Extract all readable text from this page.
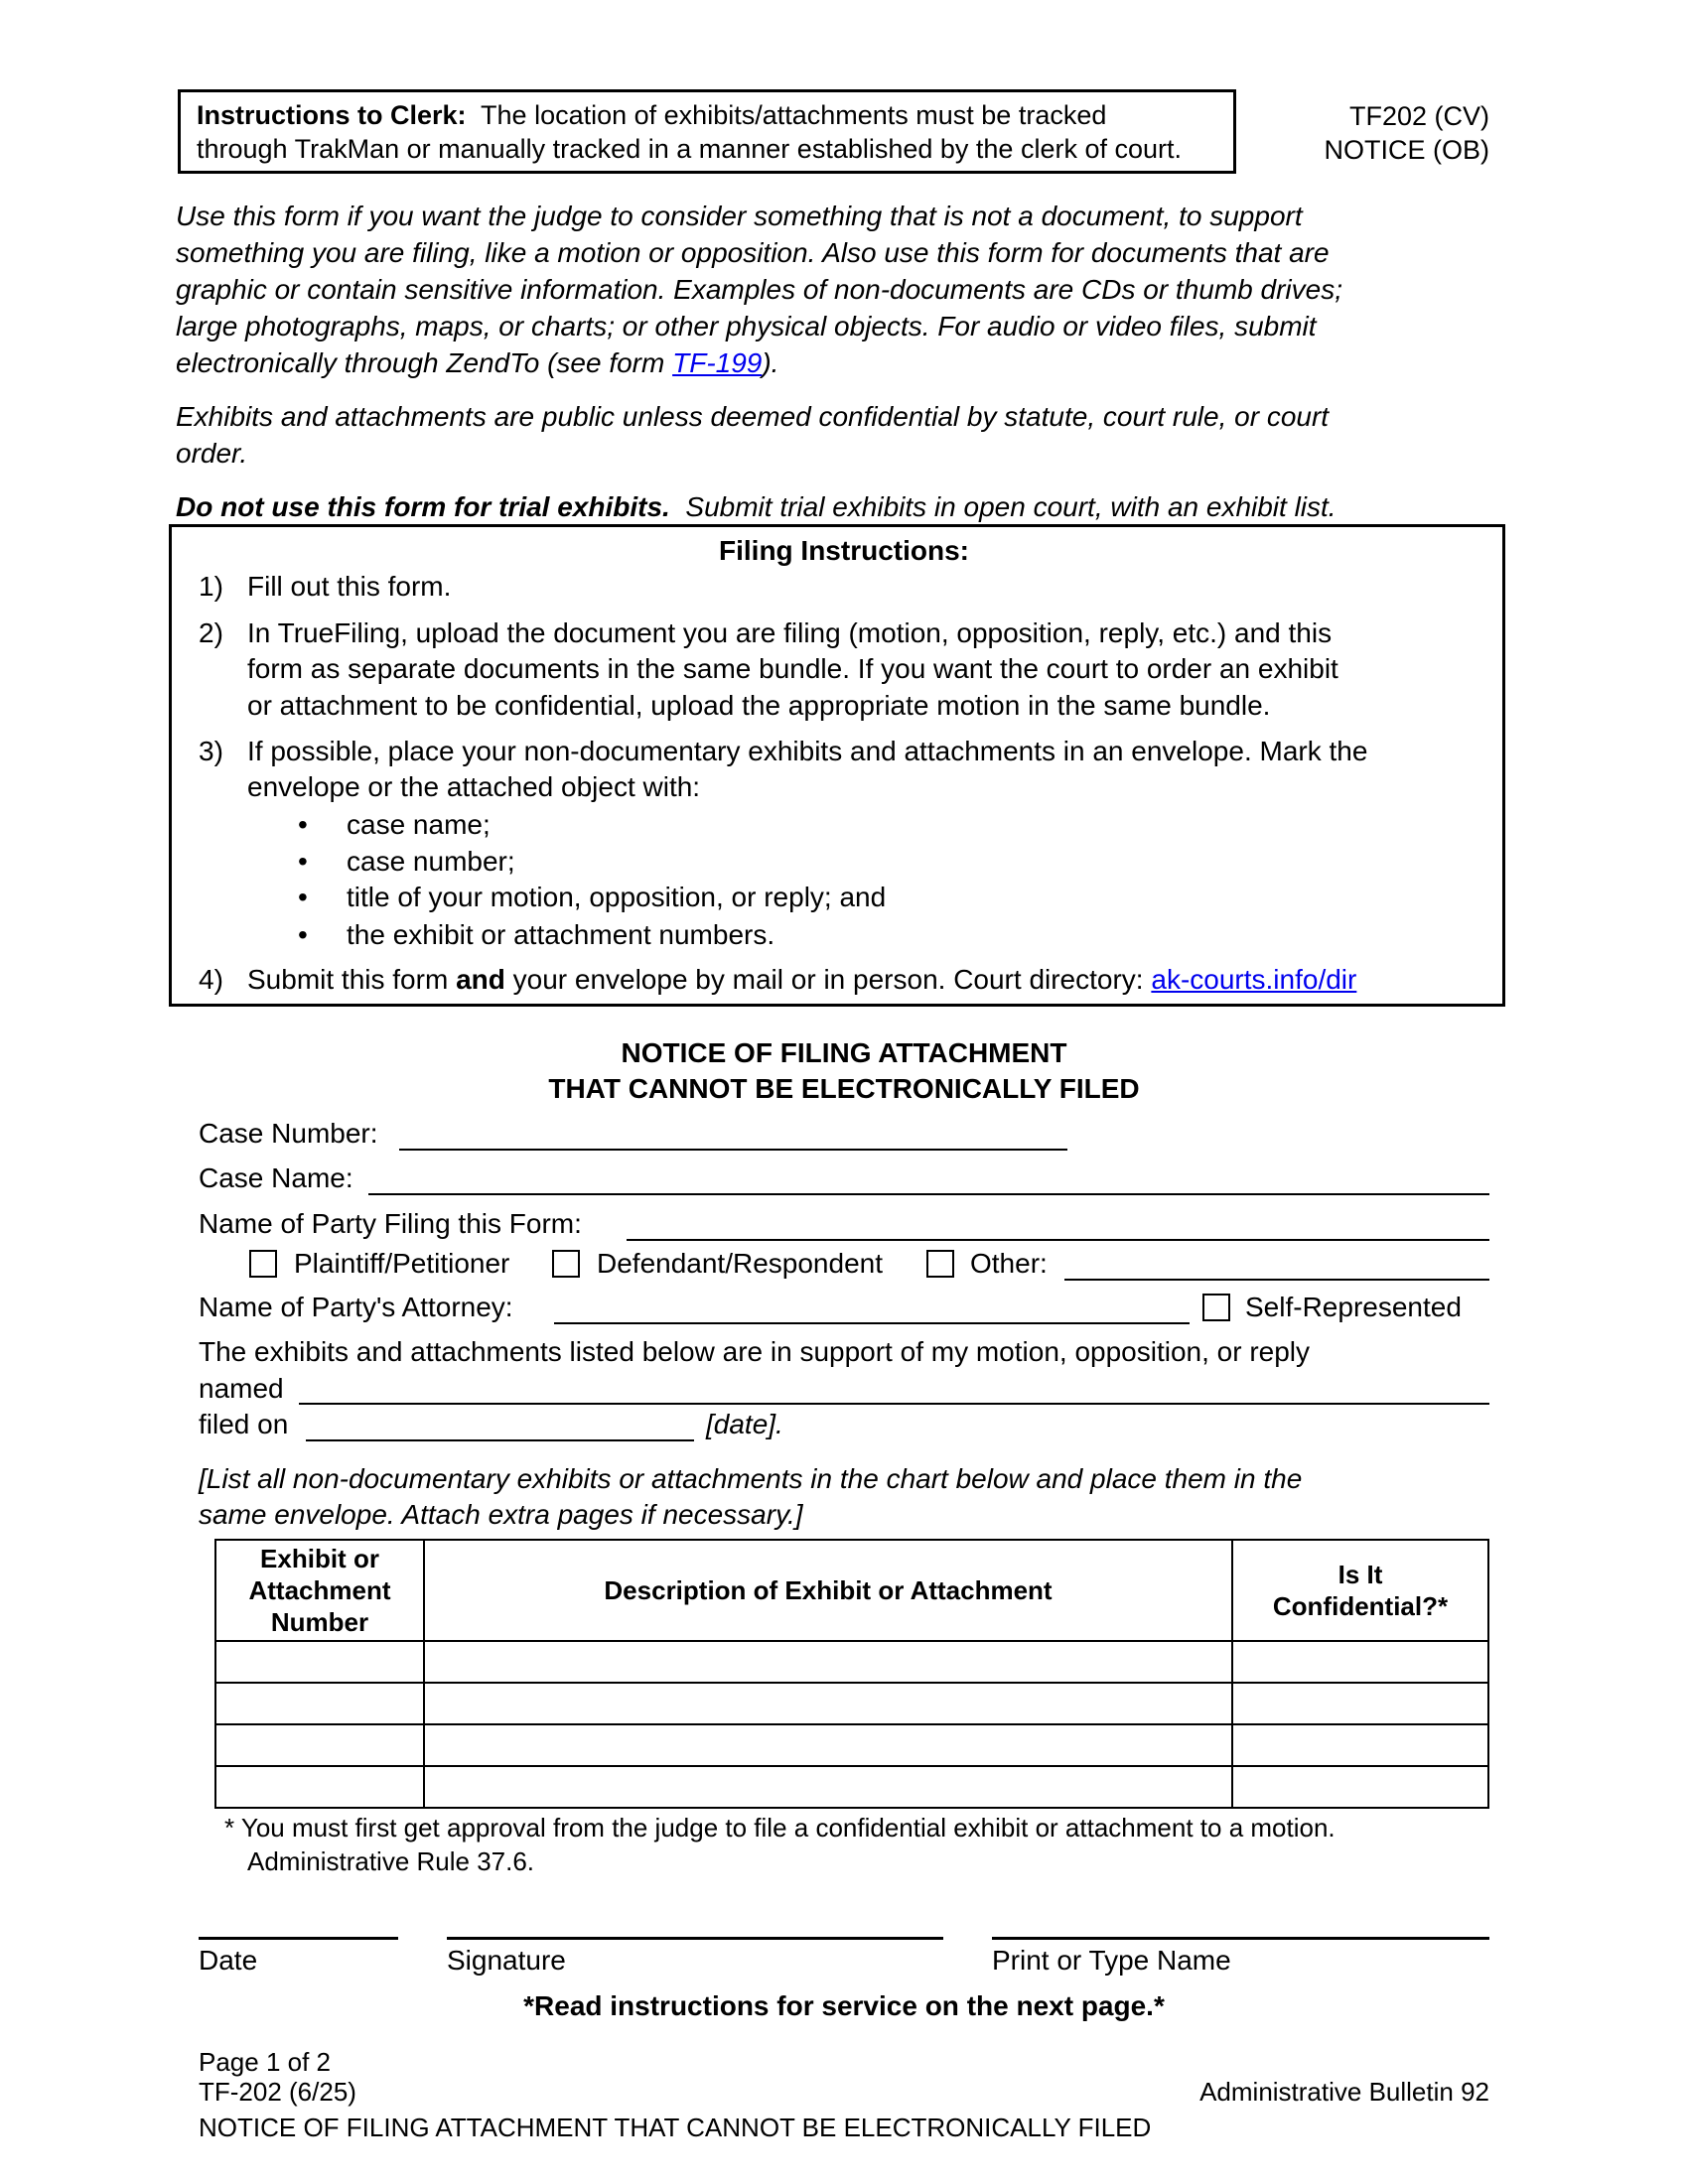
Instructions to Clerk: The location of exhibits/attachments must be tracked
through TrakMan or manually tracked in a manner established by the clerk of court.
TF202 (CV)
NOTICE (OB)
Use this form if you want the judge to consider something that is not a document, to support
something you are filing, like a motion or opposition. Also use this form for documents that are
graphic or contain sensitive information. Examples of non-documents are CDs or thumb drives;
large photographs, maps, or charts; or other physical objects. For audio or video files, submit
electronically through ZendTo (see form TF-199).
Exhibits and attachments are public unless deemed confidential by statute, court rule, or court
order.
Do not use this form for trial exhibits. Submit trial exhibits in open court, with an exhibit list.
Filing Instructions:
1) Fill out this form.
2) In TrueFiling, upload the document you are filing (motion, opposition, reply, etc.) and this
form as separate documents in the same bundle. If you want the court to order an exhibit
or attachment to be confidential, upload the appropriate motion in the same bundle.
3) If possible, place your non-documentary exhibits and attachments in an envelope. Mark the
envelope or the attached object with:
• case name;
• case number;
• title of your motion, opposition, or reply; and
• the exhibit or attachment numbers.
4) Submit this form and your envelope by mail or in person. Court directory: ak-courts.info/dir
NOTICE OF FILING ATTACHMENT
THAT CANNOT BE ELECTRONICALLY FILED
Case Number:
Case Name:
Name of Party Filing this Form:
Plaintiff/Petitioner	Defendant/Respondent	Other:
Name of Party's Attorney:	Self-Represented
The exhibits and attachments listed below are in support of my motion, opposition, or reply
named
filed on	[date].
[List all non-documentary exhibits or attachments in the chart below and place them in the
same envelope. Attach extra pages if necessary.]
Exhibit or
Attachment
Number	Description of Exhibit or Attachment	Is It
Confidential?*

* You must first get approval from the judge to file a confidential exhibit or attachment to a motion.
Administrative Rule 37.6.
Date	Signature	Print or Type Name
*Read instructions for service on the next page.*
Page 1 of 2
TF-202 (6/25)	Administrative Bulletin 92
NOTICE OF FILING ATTACHMENT THAT CANNOT BE ELECTRONICALLY FILED
